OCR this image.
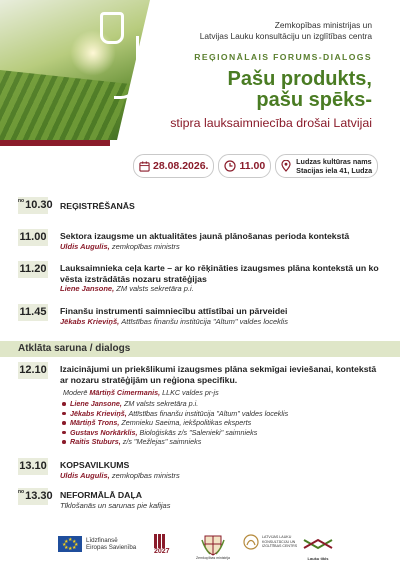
Zemkopības ministrijas un
Latvijas Lauku konsultāciju un izglītības centra
REĢIONĀLAIS FORUMS-DIALOGS
Pašu produkts,
pašu spēks-
stipra lauksaimniecība drošai Latvijai
28.08.2026.	11.00	Ludzas kultūras nams
Stacijas iela 41, Ludza
$^{no}$10.30 REĢISTRĒŠANĀS
11.00 Sektora izaugsme un aktualitātes jaunā plānošanas perioda kontekstā
Uldis Augulis, zemkopības ministrs
11.20 Lauksaimnieka ceļa karte – ar ko rēķināties izaugsmes plāna kontekstā un ko vēsta izstrādātās nozaru stratēģijas
Liene Jansone, ZM valsts sekretāra p.i.
11.45 Finanšu instrumenti saimniecību attīstībai un pārveidei
Jēkabs Krieviņš, Attīstības finanšu institūcija "Altum" valdes loceklis
Atklāta saruna / dialogs
12.10 Izaicinājumi un priekšlikumi izaugsmes plāna sekmīgai ieviešanai, kontekstā ar nozaru stratēģijām un reģiona specifiku.
Moderē Mārtiņš Cimermanis, LLKC valdes pr-js
Liene Jansone, ZM valsts sekretāra p.i.
Jēkabs Krieviņš, Attīstības finanšu institūcija "Altum" valdes loceklis
Mārtiņš Trons, Zemnieku Saeima, iekšpolitikas eksperts
Gustavs Norkārklis, Bioloģiskās z/s "Salenieki" saimnieks
Raitis Stuburs, z/s "Mežlejas" saimnieks
13.10 KOPSAVILKUMS
Uldis Augulis, zemkopības ministrs
$^{no}$13.30 NEFORMĀLĀ DAĻA
Tīklošanās un sarunas pie kafijas
★ ★
★
★
★
★
★
★	Līdzfinansē
Eiropas Savienība
2027
Zemkopības ministrija
LATVIJAS LAUKU KONSULTĀCIJU UN IZGLĪTĪBAS CENTRS
Lauku tikls
